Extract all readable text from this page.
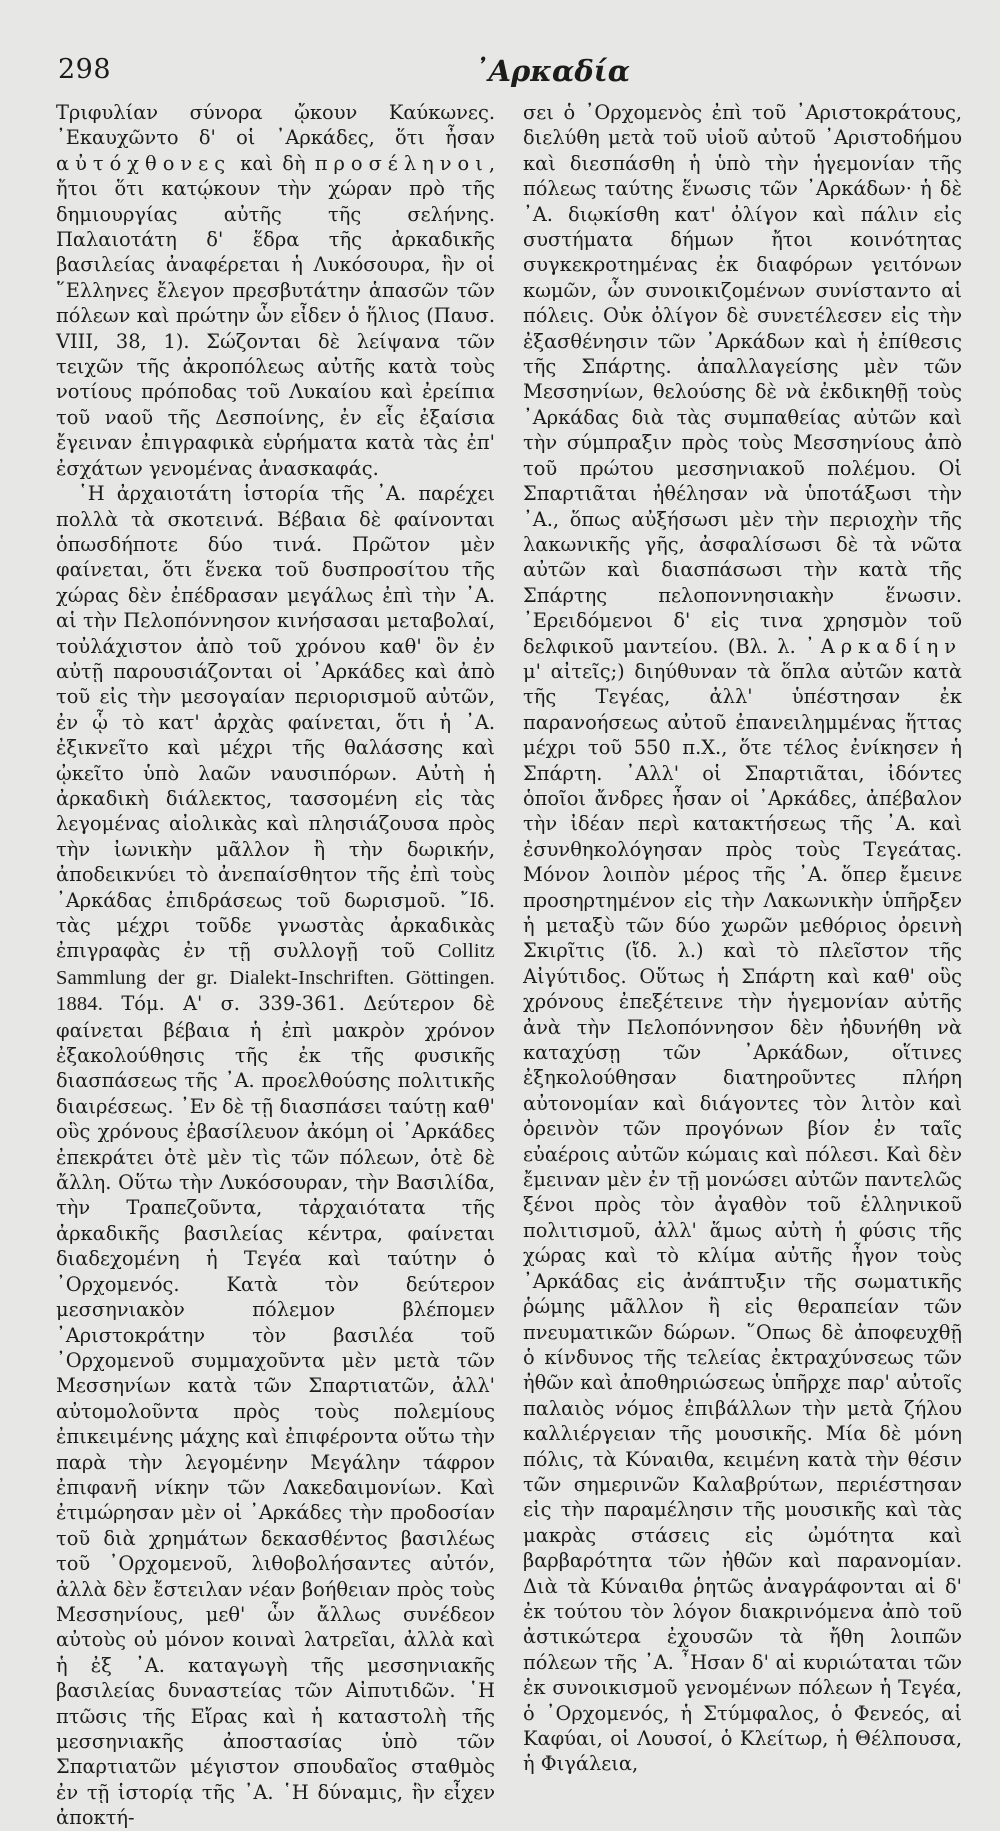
298	᾿Αρκαδία

Τριφυλίαν σύνορα ᾤκουν Καύκωνες. ᾿Εκαυχῶντο δ' οἱ ᾿Αρκάδες, ὅτι ἦσαν αὐτόχθονες καὶ δὴ προσέληνοι, ἤτοι ὅτι κατῴκουν τὴν χώραν πρὸ τῆς δημιουργίας αὐτῆς τῆς σελήνης. Παλαιοτάτη δ' ἕδρα τῆς ἀρκαδικῆς βασιλείας ἀναφέρεται ἡ Λυκόσουρα, ἣν οἱ ῞Ελληνες ἔλεγον πρεσβυτάτην ἁπασῶν τῶν πόλεων καὶ πρώτην ὧν εἶδεν ὁ ἥλιος (Παυσ. VIII, 38, 1). Σώζονται δὲ λείψανα τῶν τειχῶν τῆς ἀκροπόλεως αὐτῆς κατὰ τοὺς νοτίους πρόποδας τοῦ Λυκαίου καὶ ἐρείπια τοῦ ναοῦ τῆς Δεσποίνης, ἐν εἷς ἐξαίσια ἔγειναν ἐπιγραφικὰ εὑρήματα κατὰ τὰς ἐπ' ἐσχάτων γενομένας ἀνασκαφάς.

῾Η ἀρχαιοτάτη ἱστορία τῆς ᾿Α. παρέχει πολλὰ τὰ σκοτεινά. Βέβαια δὲ φαίνονται ὁπωσδήποτε δύο τινά. Πρῶτον μὲν φαίνεται, ὅτι ἕνεκα τοῦ δυσπροσίτου τῆς χώρας δὲν ἐπέδρασαν μεγάλως ἐπὶ τὴν ᾿Α. αἱ τὴν Πελοπόννησον κινήσασαι μεταβολαί, τοὐλάχιστον ἀπὸ τοῦ χρόνου καθ' ὃν ἐν αὐτῇ παρουσιάζονται οἱ ᾿Αρκάδες καὶ ἀπὸ τοῦ εἰς τὴν μεσογαίαν περιορισμοῦ αὐτῶν, ἐν ᾧ τὸ κατ' ἀρχὰς φαίνεται, ὅτι ἡ ᾿Α. ἐξικνεῖτο καὶ μέχρι τῆς θαλάσσης καὶ ᾠκεῖτο ὑπὸ λαῶν ναυσιπόρων. Αὐτὴ ἡ ἀρκαδικὴ διάλεκτος, τασσομένη εἰς τὰς λεγομένας αἰολικὰς καὶ πλησιάζουσα πρὸς τὴν ἰωνικὴν μᾶλλον ἢ τὴν δωρικήν, ἀποδεικνύει τὸ ἀνεπαίσθητον τῆς ἐπὶ τοὺς ᾿Αρκάδας ἐπιδράσεως τοῦ δωρισμοῦ. ῎Ιδ. τὰς μέχρι τοῦδε γνωστὰς ἀρκαδικὰς ἐπιγραφὰς ἐν τῇ συλλογῇ τοῦ Collitz Sammlung der gr. Dialekt-Inschriften. Göttingen. 1884. Τόμ. Α' σ. 339-361. Δεύτερον δὲ φαίνεται βέβαια ἡ ἐπὶ μακρὸν χρόνον ἐξακολούθησις τῆς ἐκ τῆς φυσικῆς διασπάσεως τῆς ᾿Α. προελθούσης πολιτικῆς διαιρέσεως. ᾿Εν δὲ τῇ διασπάσει ταύτῃ καθ' οὓς χρόνους ἐβασίλευον ἀκόμη οἱ ᾿Αρκάδες ἐπεκράτει ὁτὲ μὲν τὶς τῶν πόλεων, ὁτὲ δὲ ἄλλη. Οὕτω τὴν Λυκόσουραν, τὴν Βασιλίδα, τὴν Τραπεζοῦντα, τἀρχαιότατα τῆς ἀρκαδικῆς βασιλείας κέντρα, φαίνεται διαδεχομένη ἡ Τεγέα καὶ ταύτην ὁ ᾿Ορχομενός. Κατὰ τὸν δεύτερον μεσσηνιακὸν πόλεμον βλέπομεν ᾿Αριστοκράτην τὸν βασιλέα τοῦ ᾿Ορχομενοῦ συμμαχοῦντα μὲν μετὰ τῶν Μεσσηνίων κατὰ τῶν Σπαρτιατῶν, ἀλλ' αὐτομολοῦντα πρὸς τοὺς πολεμίους ἐπικειμένης μάχης καὶ ἐπιφέροντα οὕτω τὴν παρὰ τὴν λεγομένην Μεγάλην τάφρον ἐπιφανῆ νίκην τῶν Λακεδαιμονίων. Καὶ ἐτιμώρησαν μὲν οἱ ᾿Αρκάδες τὴν προδοσίαν τοῦ διὰ χρημάτων δεκασθέντος βασιλέως τοῦ ᾿Ορχομενοῦ, λιθοβολήσαντες αὐτόν, ἀλλὰ δὲν ἔστειλαν νέαν βοήθειαν πρὸς τοὺς Μεσσηνίους, μεθ' ὧν ἄλλως συνέδεον αὐτοὺς οὐ μόνον κοιναὶ λατρεῖαι, ἀλλὰ καὶ ἡ ἐξ ᾿Α. καταγωγὴ τῆς μεσσηνιακῆς βασιλείας δυναστείας τῶν Αἰπυτιδῶν. ῾Η πτῶσις τῆς Εἴρας καὶ ἡ καταστολὴ τῆς μεσσηνιακῆς ἀποστασίας ὑπὸ τῶν Σπαρτιατῶν μέγιστον σπουδαῖος σταθμὸς ἐν τῇ ἱστορίᾳ τῆς ᾿Α. ῾Η δύναμις, ἣν εἶχεν ἀποκτή-

σει ὁ ᾿Ορχομενὸς ἐπὶ τοῦ ᾿Αριστοκράτους, διελύθη μετὰ τοῦ υἱοῦ αὐτοῦ ᾿Αριστοδήμου καὶ διεσπάσθη ἡ ὑπὸ τὴν ἡγεμονίαν τῆς πόλεως ταύτης ἕνωσις τῶν ᾿Αρκάδων· ἡ δὲ ᾿Α. διῳκίσθη κατ' ὀλίγον καὶ πάλιν εἰς συστήματα δήμων ἤτοι κοινότητας συγκεκροτημένας ἐκ διαφόρων γειτόνων κωμῶν, ὧν συνοικιζομένων συνίσταντο αἱ πόλεις. Οὐκ ὀλίγον δὲ συνετέλεσεν εἰς τὴν ἐξασθένησιν τῶν ᾿Αρκάδων καὶ ἡ ἐπίθεσις τῆς Σπάρτης. ἀπαλλαγείσης μὲν τῶν Μεσσηνίων, θελούσης δὲ νὰ ἐκδικηθῇ τοὺς ᾿Αρκάδας διὰ τὰς συμπαθείας αὐτῶν καὶ τὴν σύμπραξιν πρὸς τοὺς Μεσσηνίους ἀπὸ τοῦ πρώτου μεσσηνιακοῦ πολέμου. Οἱ Σπαρτιᾶται ἠθέλησαν νὰ ὑποτάξωσι τὴν ᾿Α., ὅπως αὐξήσωσι μὲν τὴν περιοχὴν τῆς λακωνικῆς γῆς, ἀσφαλίσωσι δὲ τὰ νῶτα αὐτῶν καὶ διασπάσωσι τὴν κατὰ τῆς Σπάρτης πελοποννησιακὴν ἕνωσιν. ᾿Ερειδόμενοι δ' εἰς τινα χρησμὸν τοῦ δελφικοῦ μαντείου. (Βλ. λ. ᾿Αρκαδίην μ' αἰτεῖς;) διηύθυναν τὰ ὅπλα αὐτῶν κατὰ τῆς Τεγέας, ἀλλ' ὑπέστησαν ἐκ παρανοήσεως αὐτοῦ ἐπανειλημμένας ἥττας μέχρι τοῦ 550 π.Χ., ὅτε τέλος ἐνίκησεν ἡ Σπάρτη. ᾿Αλλ' οἱ Σπαρτιᾶται, ἰδόντες ὁποῖοι ἄνδρες ἦσαν οἱ ᾿Αρκάδες, ἀπέβαλον τὴν ἰδέαν περὶ κατακτήσεως τῆς ᾿Α. καὶ ἐσυνθηκολόγησαν πρὸς τοὺς Τεγεάτας. Μόνον λοιπὸν μέρος τῆς ᾿Α. ὅπερ ἔμεινε προσηρτημένον εἰς τὴν Λακωνικὴν ὑπῆρξεν ἡ μεταξὺ τῶν δύο χωρῶν μεθόριος ὀρεινὴ Σκιρῖτις (ἴδ. λ.) καὶ τὸ πλεῖστον τῆς Αἰγύτιδος. Οὕτως ἡ Σπάρτη καὶ καθ' οὓς χρόνους ἐπεξέτεινε τὴν ἡγεμονίαν αὐτῆς ἀνὰ τὴν Πελοπόννησον δὲν ἠδυνήθη νὰ καταχύσῃ τῶν ᾿Αρκάδων, οἵτινες ἐξηκολούθησαν διατηροῦντες πλήρη αὐτονομίαν καὶ διάγοντες τὸν λιτὸν καὶ ὀρεινὸν τῶν προγόνων βίον ἐν ταῖς εὐαέροις αὐτῶν κώμαις καὶ πόλεσι. Καὶ δὲν ἔμειναν μὲν ἐν τῇ μονώσει αὐτῶν παντελῶς ξένοι πρὸς τὸν ἀγαθὸν τοῦ ἑλληνικοῦ πολιτισμοῦ, ἀλλ' ἅμως αὐτὴ ἡ φύσις τῆς χώρας καὶ τὸ κλίμα αὐτῆς ἦγον τοὺς ᾿Αρκάδας εἰς ἀνάπτυξιν τῆς σωματικῆς ῥώμης μᾶλλον ἢ εἰς θεραπείαν τῶν πνευματικῶν δώρων. ῞Οπως δὲ ἀποφευχθῇ ὁ κίνδυνος τῆς τελείας ἐκτραχύνσεως τῶν ἠθῶν καὶ ἀποθηριώσεως ὑπῆρχε παρ' αὐτοῖς παλαιὸς νόμος ἐπιβάλλων τὴν μετὰ ζήλου καλλιέργειαν τῆς μουσικῆς. Μία δὲ μόνη πόλις, τὰ Κύναιθα, κειμένη κατὰ τὴν θέσιν τῶν σημερινῶν Καλαβρύτων, περιέστησαν εἰς τὴν παραμέλησιν τῆς μουσικῆς καὶ τὰς μακρὰς στάσεις εἰς ὠμότητα καὶ βαρβαρότητα τῶν ἠθῶν καὶ παρανομίαν. Διὰ τὰ Κύναιθα ῥητῶς ἀναγράφονται αἱ δ' ἐκ τούτου τὸν λόγον διακρινόμενα ἀπὸ τοῦ ἀστικώτερα ἐχουσῶν τὰ ἤθη λοιπῶν πόλεων τῆς ᾿Α. ῏Ησαν δ' αἱ κυριώταται τῶν ἐκ συνοικισμοῦ γενομένων πόλεων ἡ Τεγέα, ὁ ᾿Ορχομενός, ἡ Στύμφαλος, ὁ Φενεός, αἱ Καφύαι, οἱ Λουσοί, ὁ Κλείτωρ, ἡ Θέλπουσα, ἡ Φιγάλεια,
